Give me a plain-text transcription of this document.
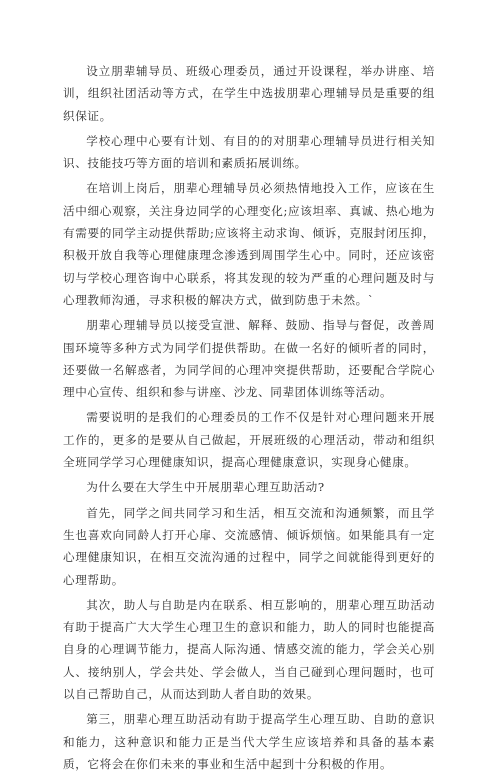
设立朋辈辅导员、班级心理委员，通过开设课程，举办讲座、培训，组织社团活动等方式，在学生中选拔朋辈心理辅导员是重要的组织保证。

学校心理中心要有计划、有目的的对朋辈心理辅导员进行相关知识、技能技巧等方面的培训和素质拓展训练。

在培训上岗后，朋辈心理辅导员必须热情地投入工作，应该在生活中细心观察，关注身边同学的心理变化;应该坦率、真诚、热心地为有需要的同学主动提供帮助;应该将主动求询、倾诉，克服封闭压抑，积极开放自我等心理健康理念渗透到周围学生心中。同时，还应该密切与学校心理咨询中心联系，将其发现的较为严重的心理问题及时与心理教师沟通，寻求积极的解决方式，做到防患于未然。`

朋辈心理辅导员以接受宣泄、解释、鼓励、指导与督促，改善周围环境等多种方式为同学们提供帮助。在做一名好的倾听者的同时，还要做一名解惑者，为同学间的心理冲突提供帮助，还要配合学院心理中心宣传、组织和参与讲座、沙龙、同辈团体训练等活动。

需要说明的是我们的心理委员的工作不仅是针对心理问题来开展工作的，更多的是要从自己做起，开展班级的心理活动，带动和组织全班同学学习心理健康知识，提高心理健康意识，实现身心健康。

为什么要在大学生中开展朋辈心理互助活动?

首先，同学之间共同学习和生活，相互交流和沟通频繁，而且学生也喜欢向同龄人打开心扉、交流感情、倾诉烦恼。如果能具有一定心理健康知识，在相互交流沟通的过程中，同学之间就能得到更好的心理帮助。

其次，助人与自助是内在联系、相互影响的，朋辈心理互助活动有助于提高广大大学生心理卫生的意识和能力，助人的同时也能提高自身的心理调节能力，提高人际沟通、情感交流的能力，学会关心别人、接纳别人，学会共处、学会做人，当自己碰到心理问题时，也可以自己帮助自己，从而达到助人者自助的效果。

第三，朋辈心理互助活动有助于提高学生心理互助、自助的意识和能力，这种意识和能力正是当代大学生应该培养和具备的基本素质，它将会在你们未来的事业和生活中起到十分积极的作用。
